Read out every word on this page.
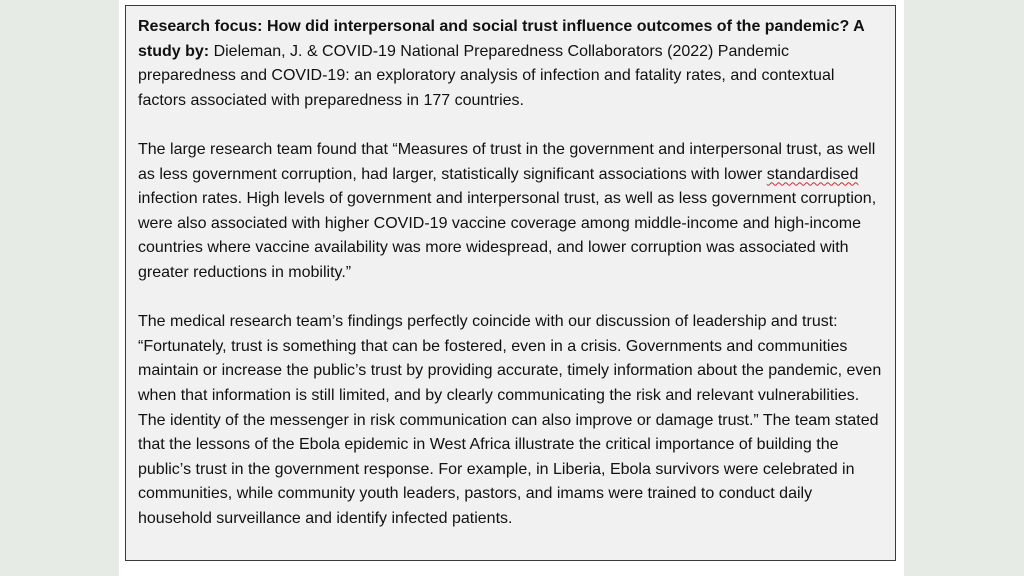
Research focus: How did interpersonal and social trust influence outcomes of the pandemic? A study by: Dieleman, J. & COVID-19 National Preparedness Collaborators (2022) Pandemic preparedness and COVID-19: an exploratory analysis of infection and fatality rates, and contextual factors associated with preparedness in 177 countries.

The large research team found that “Measures of trust in the government and interpersonal trust, as well as less government corruption, had larger, statistically significant associations with lower standardised infection rates. High levels of government and interpersonal trust, as well as less government corruption, were also associated with higher COVID-19 vaccine coverage among middle-income and high-income countries where vaccine availability was more widespread, and lower corruption was associated with greater reductions in mobility.”

The medical research team’s findings perfectly coincide with our discussion of leadership and trust: “Fortunately, trust is something that can be fostered, even in a crisis. Governments and communities maintain or increase the public’s trust by providing accurate, timely information about the pandemic, even when that information is still limited, and by clearly communicating the risk and relevant vulnerabilities. The identity of the messenger in risk communication can also improve or damage trust.” The team stated that the lessons of the Ebola epidemic in West Africa illustrate the critical importance of building the public’s trust in the government response. For example, in Liberia, Ebola survivors were celebrated in communities, while community youth leaders, pastors, and imams were trained to conduct daily household surveillance and identify infected patients.
